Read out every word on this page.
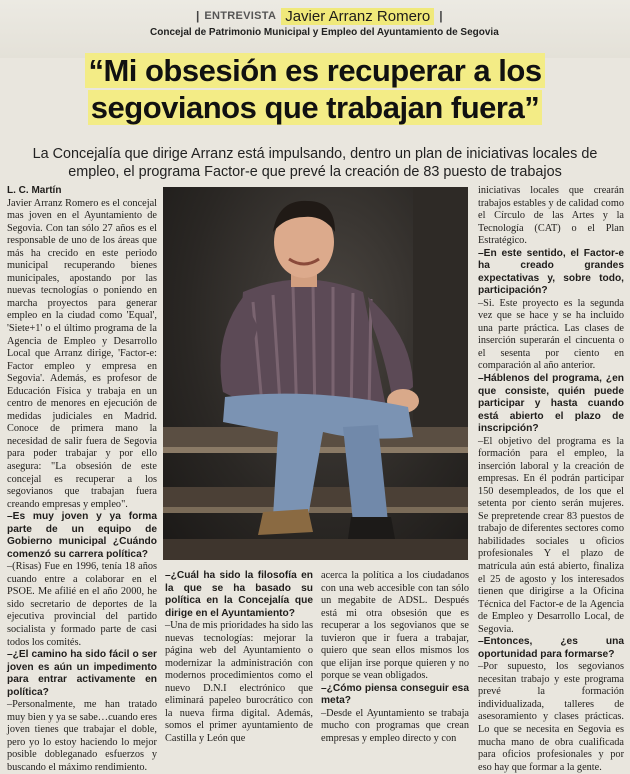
| ENTREVISTA Javier Arranz Romero |
Concejal de Patrimonio Municipal y Empleo del Ayuntamiento de Segovia
“Mi obsesión es recuperar a los
segovianos que trabajan fuera”
La Concejalía que dirige Arranz está impulsando, dentro un plan de iniciativas locales de empleo, el programa Factor-e que prevé la creación de 83 puesto de trabajos

L. C. Martín

Javier Arranz Romero es el concejal mas joven en el Ayuntamiento de Segovia. Con tan sólo 27 años es el responsable de uno de los áreas que más ha crecido en este periodo municipal recuperando bienes municipales, apostando por las nuevas tecnologías o poniendo en marcha proyectos para generar empleo en la ciudad como 'Equal', 'Siete+1' o el último programa de la Agencia de Empleo y Desarrollo Local que Arranz dirige, 'Factor-e: Factor empleo y empresa en Segovia'. Además, es profesor de Educación Física y trabaja en un centro de menores en ejecución de medidas judiciales en Madrid. Conoce de primera mano la necesidad de salir fuera de Segovia para poder trabajar y por ello asegura: "La obsesión de este concejal es recuperar a los segovianos que trabajan fuera creando empresas y empleo".

–Es muy joven y ya forma parte de un equipo de Gobierno municipal ¿Cuándo comenzó su carrera política?

–(Risas) Fue en 1996, tenía 18 años cuando entre a colaborar en el PSOE. Me afilié en el año 2000, he sido secretario de deportes de la ejecutiva provincial del partido socialista y formado parte de casi todos los comités.

–¿El camino ha sido fácil o ser joven es aún un impedimento para entrar activamente en política?

–Personalmente, me han tratado muy bien y ya se sabe…cuando eres joven tienes que trabajar el doble, pero yo lo estoy haciendo lo mejor posible dobleganado esfuerzos y buscando el máximo rendimiento.

–¿Cuál ha sido la filosofía en la que se ha basado su política en la Concejalía que dirige en el Ayuntamiento?

–Una de mis prioridades ha sido las nuevas tecnologías: mejorar la página web del Ayuntamiento o modernizar la administración con modernos procedimientos como el nuevo D.N.I electrónico que eliminará papeleo burocrático con la nueva firma digital. Además, somos el primer ayuntamiento de Castilla y León que

acerca la política a los ciudadanos con una web accesible con tan sólo un megabite de ADSL. Después está mi otra obsesión que es recuperar a los segovianos que se tuvieron que ir fuera a trabajar, quiero que sean ellos mismos los que elijan irse porque quieren y no porque se vean obligados.

–¿Cómo piensa conseguir esa meta?

–Desde el Ayuntamiento se trabaja mucho con programas que crean empresas y empleo directo y con

iniciativas locales que crearán trabajos estables y de calidad como el Círculo de las Artes y la Tecnología (CAT) o el Plan Estratégico.

–En este sentido, el Factor-e ha creado grandes expectativas y, sobre todo, participación?

–Si. Este proyecto es la segunda vez que se hace y se ha incluido una parte práctica. Las clases de inserción superarán el cincuenta o el sesenta por ciento en comparación al año anterior.

–Háblenos del programa, ¿en que consiste, quién puede participar y hasta cuando está abierto el plazo de inscripción?

–El objetivo del programa es la formación para el empleo, la inserción laboral y la creación de empresas. En él podrán participar 150 desempleados, de los que el setenta por ciento serán mujeres. Se prepretende crear 83 puestos de trabajo de diferentes sectores como habilidades sociales u oficios profesionales Y el plazo de matrícula aún está abierto, finaliza el 25 de agosto y los interesados tienen que dirigirse a la Oficina Técnica del Factor-e de la Agencia de Empleo y Desarrollo Local, de Segovia.

–Entonces, ¿es una oportunidad para formarse?

–Por supuesto, los segovianos necesitan trabajo y este programa prevé la formación individualizada, talleres de asesoramiento y clases prácticas. Lo que se necesita en Segovia es mucha mano de obra cualificada para oficios profesionales y por eso hay que formar a la gente.
